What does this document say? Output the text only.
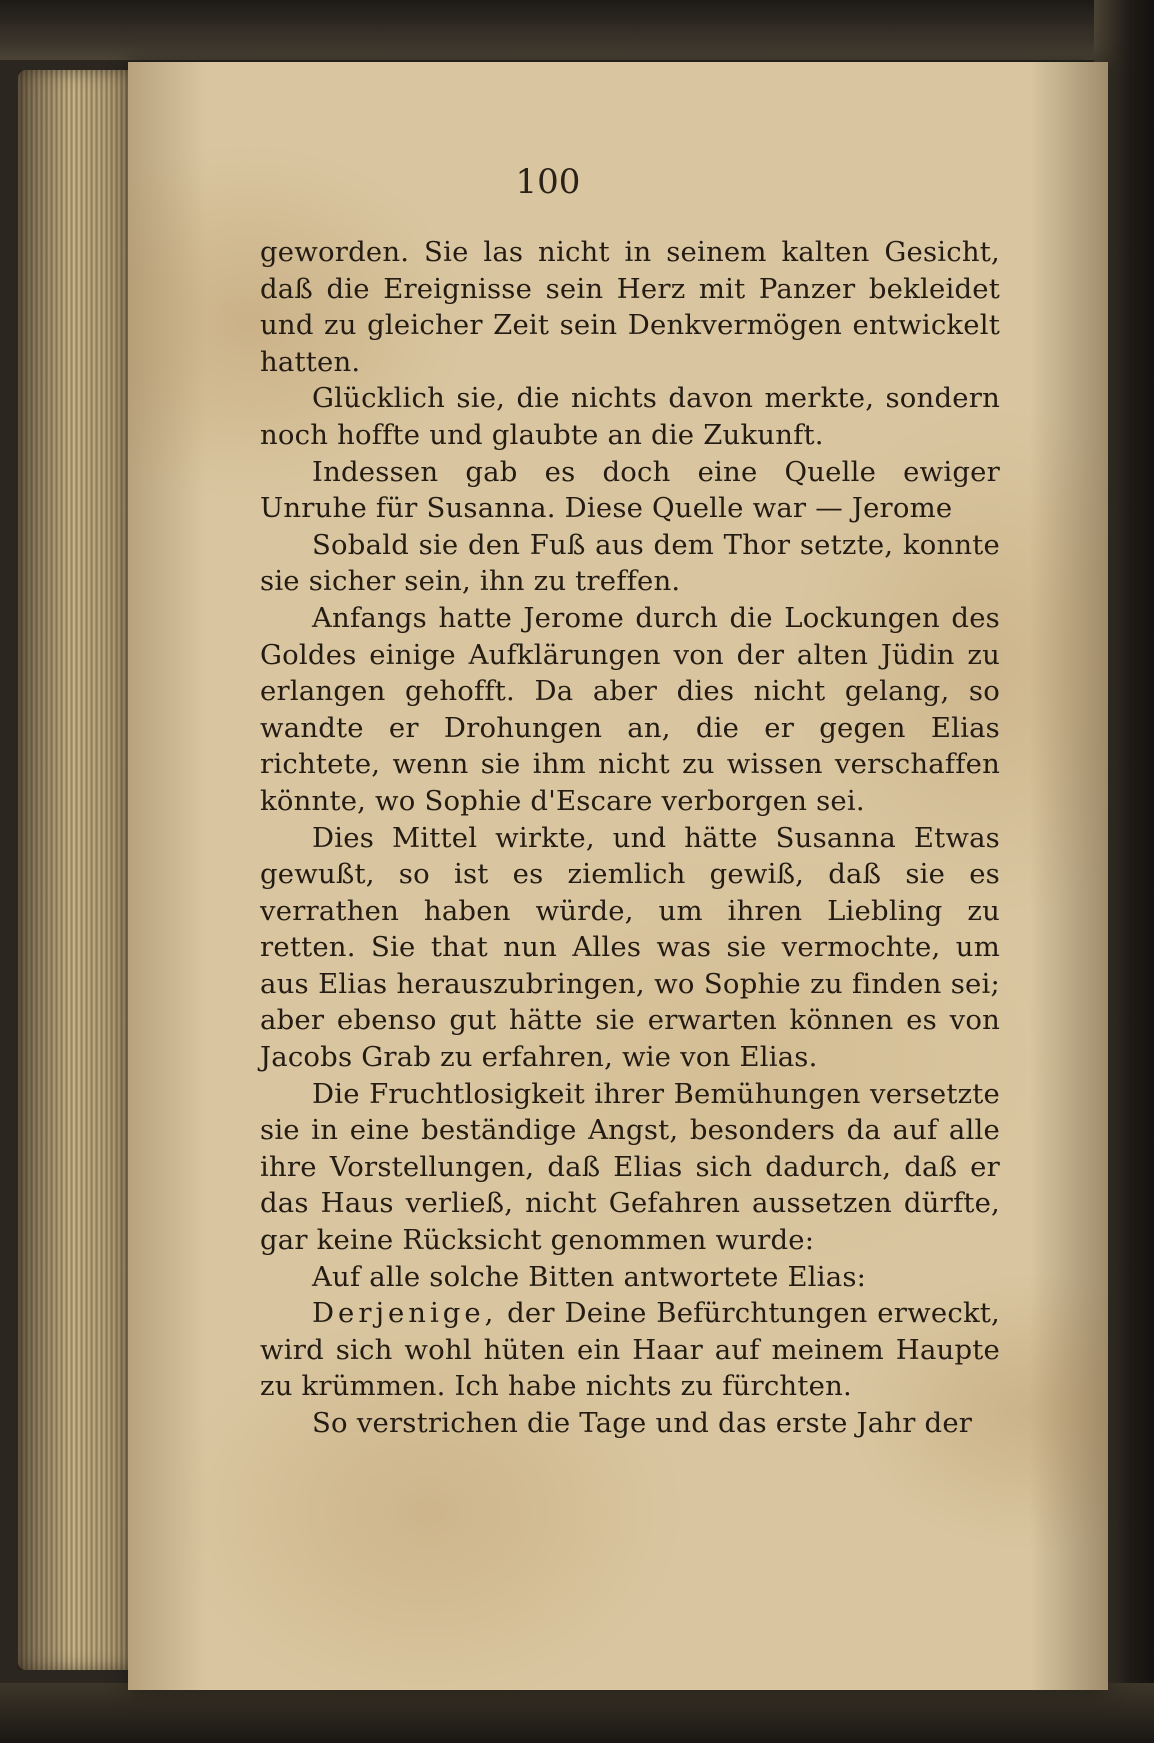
100

geworden. Sie las nicht in seinem kalten Gesicht, daß die Ereignisse sein Herz mit Panzer bekleidet und zu gleicher Zeit sein Denkvermögen entwickelt hatten.

Glücklich sie, die nichts davon merkte, sondern noch hoffte und glaubte an die Zukunft.

Indessen gab es doch eine Quelle ewiger Unruhe für Susanna. Diese Quelle war — Jerome

Sobald sie den Fuß aus dem Thor setzte, konnte sie sicher sein, ihn zu treffen.

Anfangs hatte Jerome durch die Lockungen des Goldes einige Aufklärungen von der alten Jüdin zu erlangen gehofft. Da aber dies nicht gelang, so wandte er Drohungen an, die er gegen Elias richtete, wenn sie ihm nicht zu wissen verschaffen könnte, wo Sophie d'Escare verborgen sei.

Dies Mittel wirkte, und hätte Susanna Etwas gewußt, so ist es ziemlich gewiß, daß sie es verrathen haben würde, um ihren Liebling zu retten. Sie that nun Alles was sie vermochte, um aus Elias herauszubringen, wo Sophie zu finden sei; aber ebenso gut hätte sie erwarten können es von Jacobs Grab zu erfahren, wie von Elias.

Die Fruchtlosigkeit ihrer Bemühungen versetzte sie in eine beständige Angst, besonders da auf alle ihre Vorstellungen, daß Elias sich dadurch, daß er das Haus verließ, nicht Gefahren aussetzen dürfte, gar keine Rücksicht genommen wurde:

Auf alle solche Bitten antwortete Elias:

Derjenige, der Deine Befürchtungen erweckt, wird sich wohl hüten ein Haar auf meinem Haupte zu krümmen. Ich habe nichts zu fürchten.

So verstrichen die Tage und das erste Jahr der
